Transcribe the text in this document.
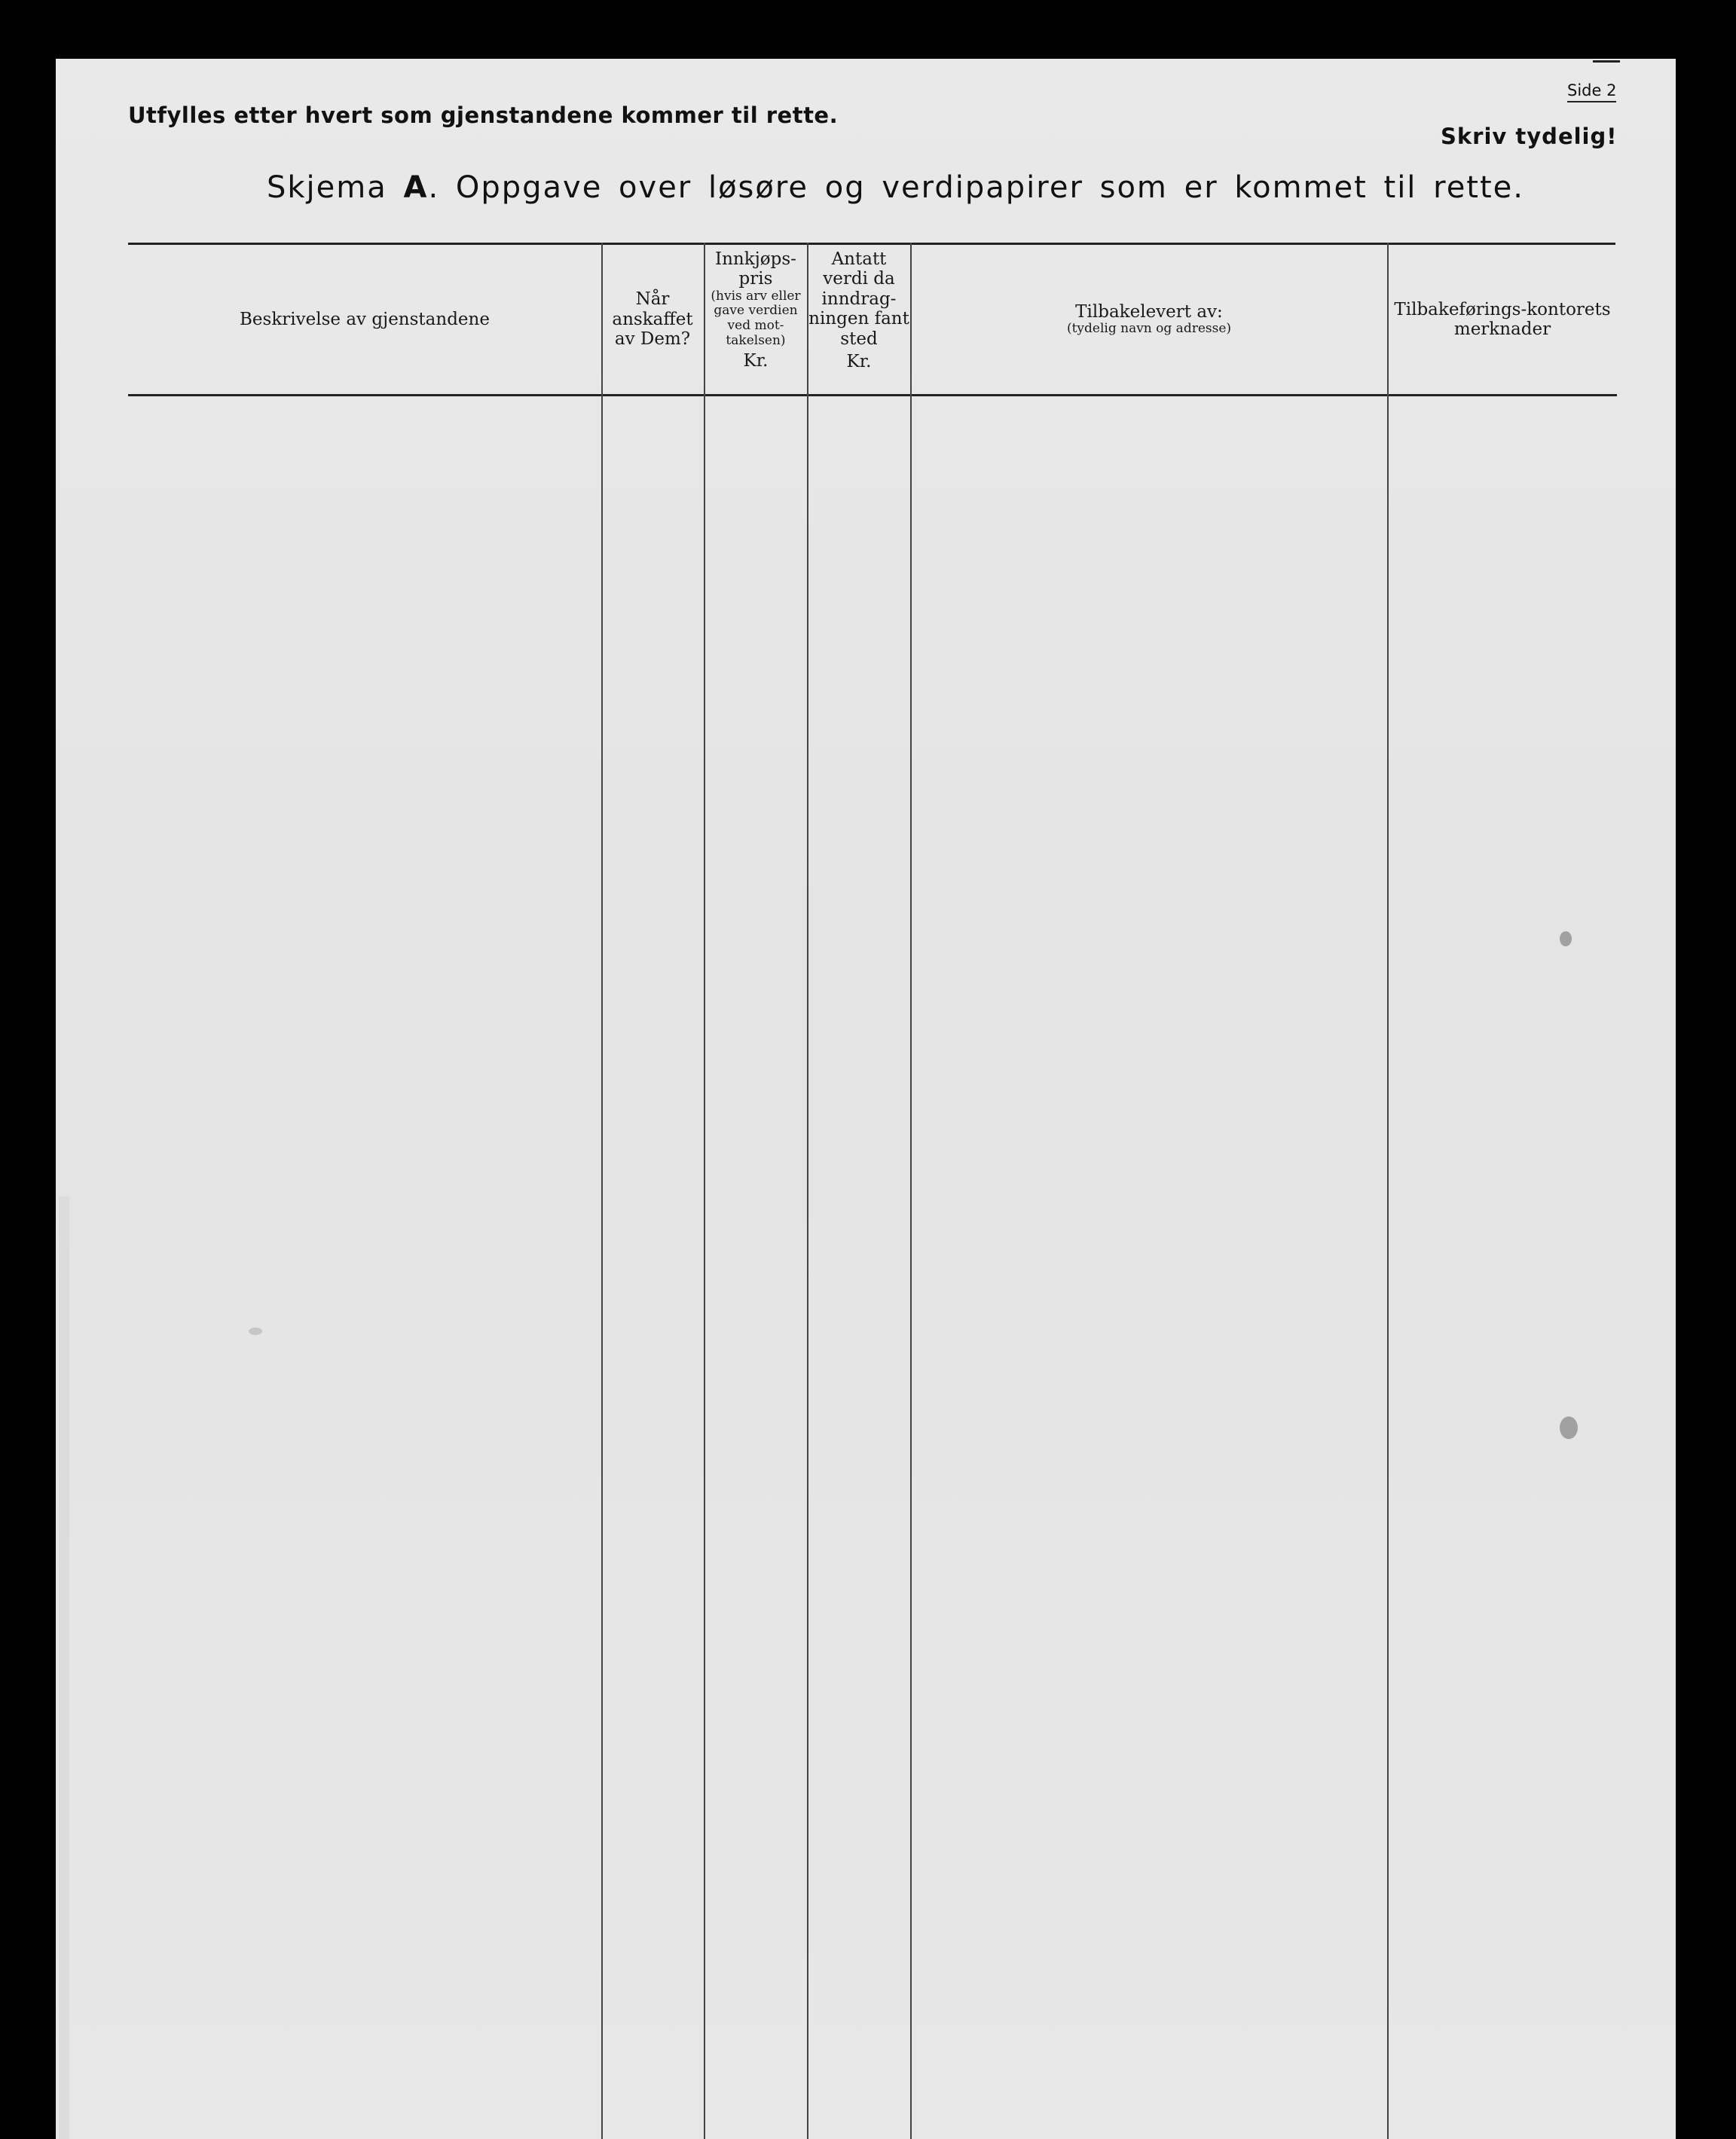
Utfylles etter hvert som gjenstandene kommer til rette.

Side 2

Skriv tydelig!

Skjema A. Oppgave over løsøre og verdipapirer som er kommet til rette.
Beskrivelse av gjenstandene
Når anskaffet av Dem?
Innkjøps-pris
(hvis arv eller gave verdien ved mot-takelsen)
Kr.
Antatt verdi da inndrag-ningen fant sted
Kr.
Tilbakelevert av:
(tydelig navn og adresse)
Tilbakeførings-kontorets merknader
